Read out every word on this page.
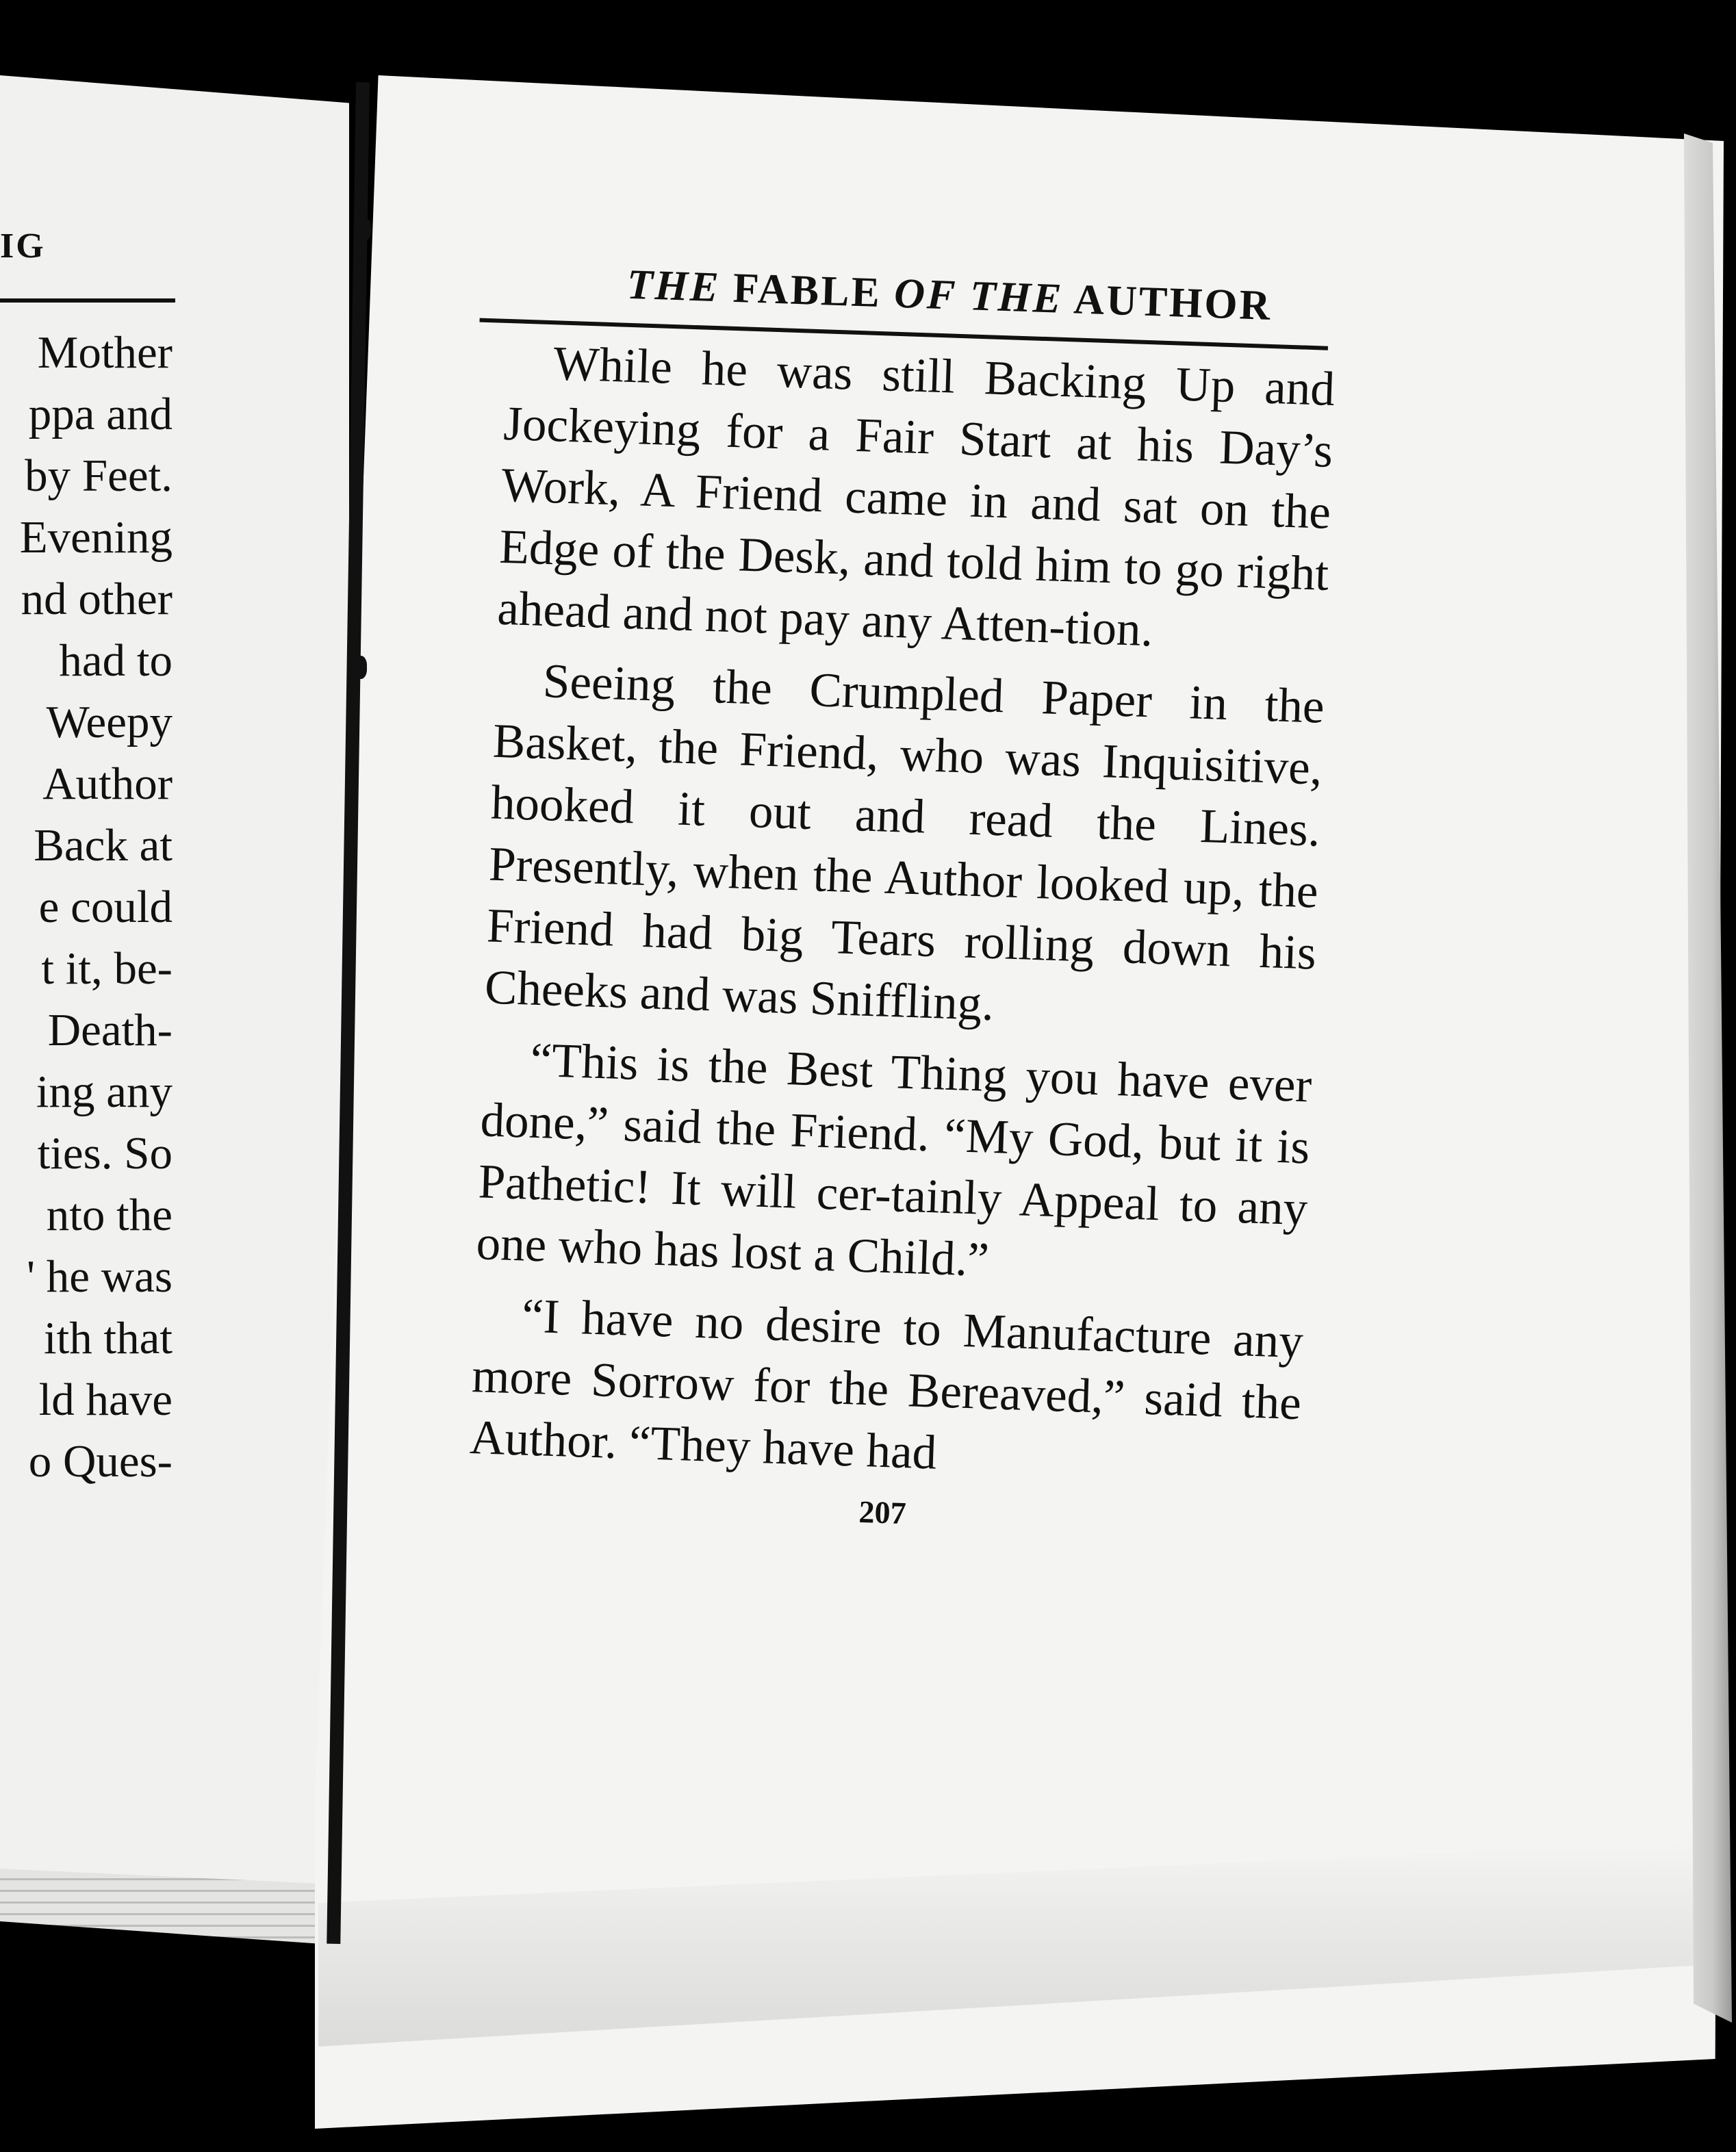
IG
Mother
ppa and
by Feet.
Evening
nd other
had to
Weepy
Author
Back at
e could
t it, be-
Death-
ing any
ties. So
nto the
' he was
ith that
ld have
o Ques-
THE FABLE OF THE AUTHOR

While he was still Backing Up and Jockeying for a Fair Start at his Day’s Work, A Friend came in and sat on the Edge of the Desk, and told him to go right ahead and not pay any Atten-tion.

Seeing the Crumpled Paper in the Basket, the Friend, who was Inquisitive, hooked it out and read the Lines. Presently, when the Author looked up, the Friend had big Tears rolling down his Cheeks and was Sniffling.

“This is the Best Thing you have ever done,” said the Friend. “My God, but it is Pathetic! It will cer-tainly Appeal to any one who has lost a Child.”

“I have no desire to Manufacture any more Sorrow for the Bereaved,” said the Author. “They have had

207
